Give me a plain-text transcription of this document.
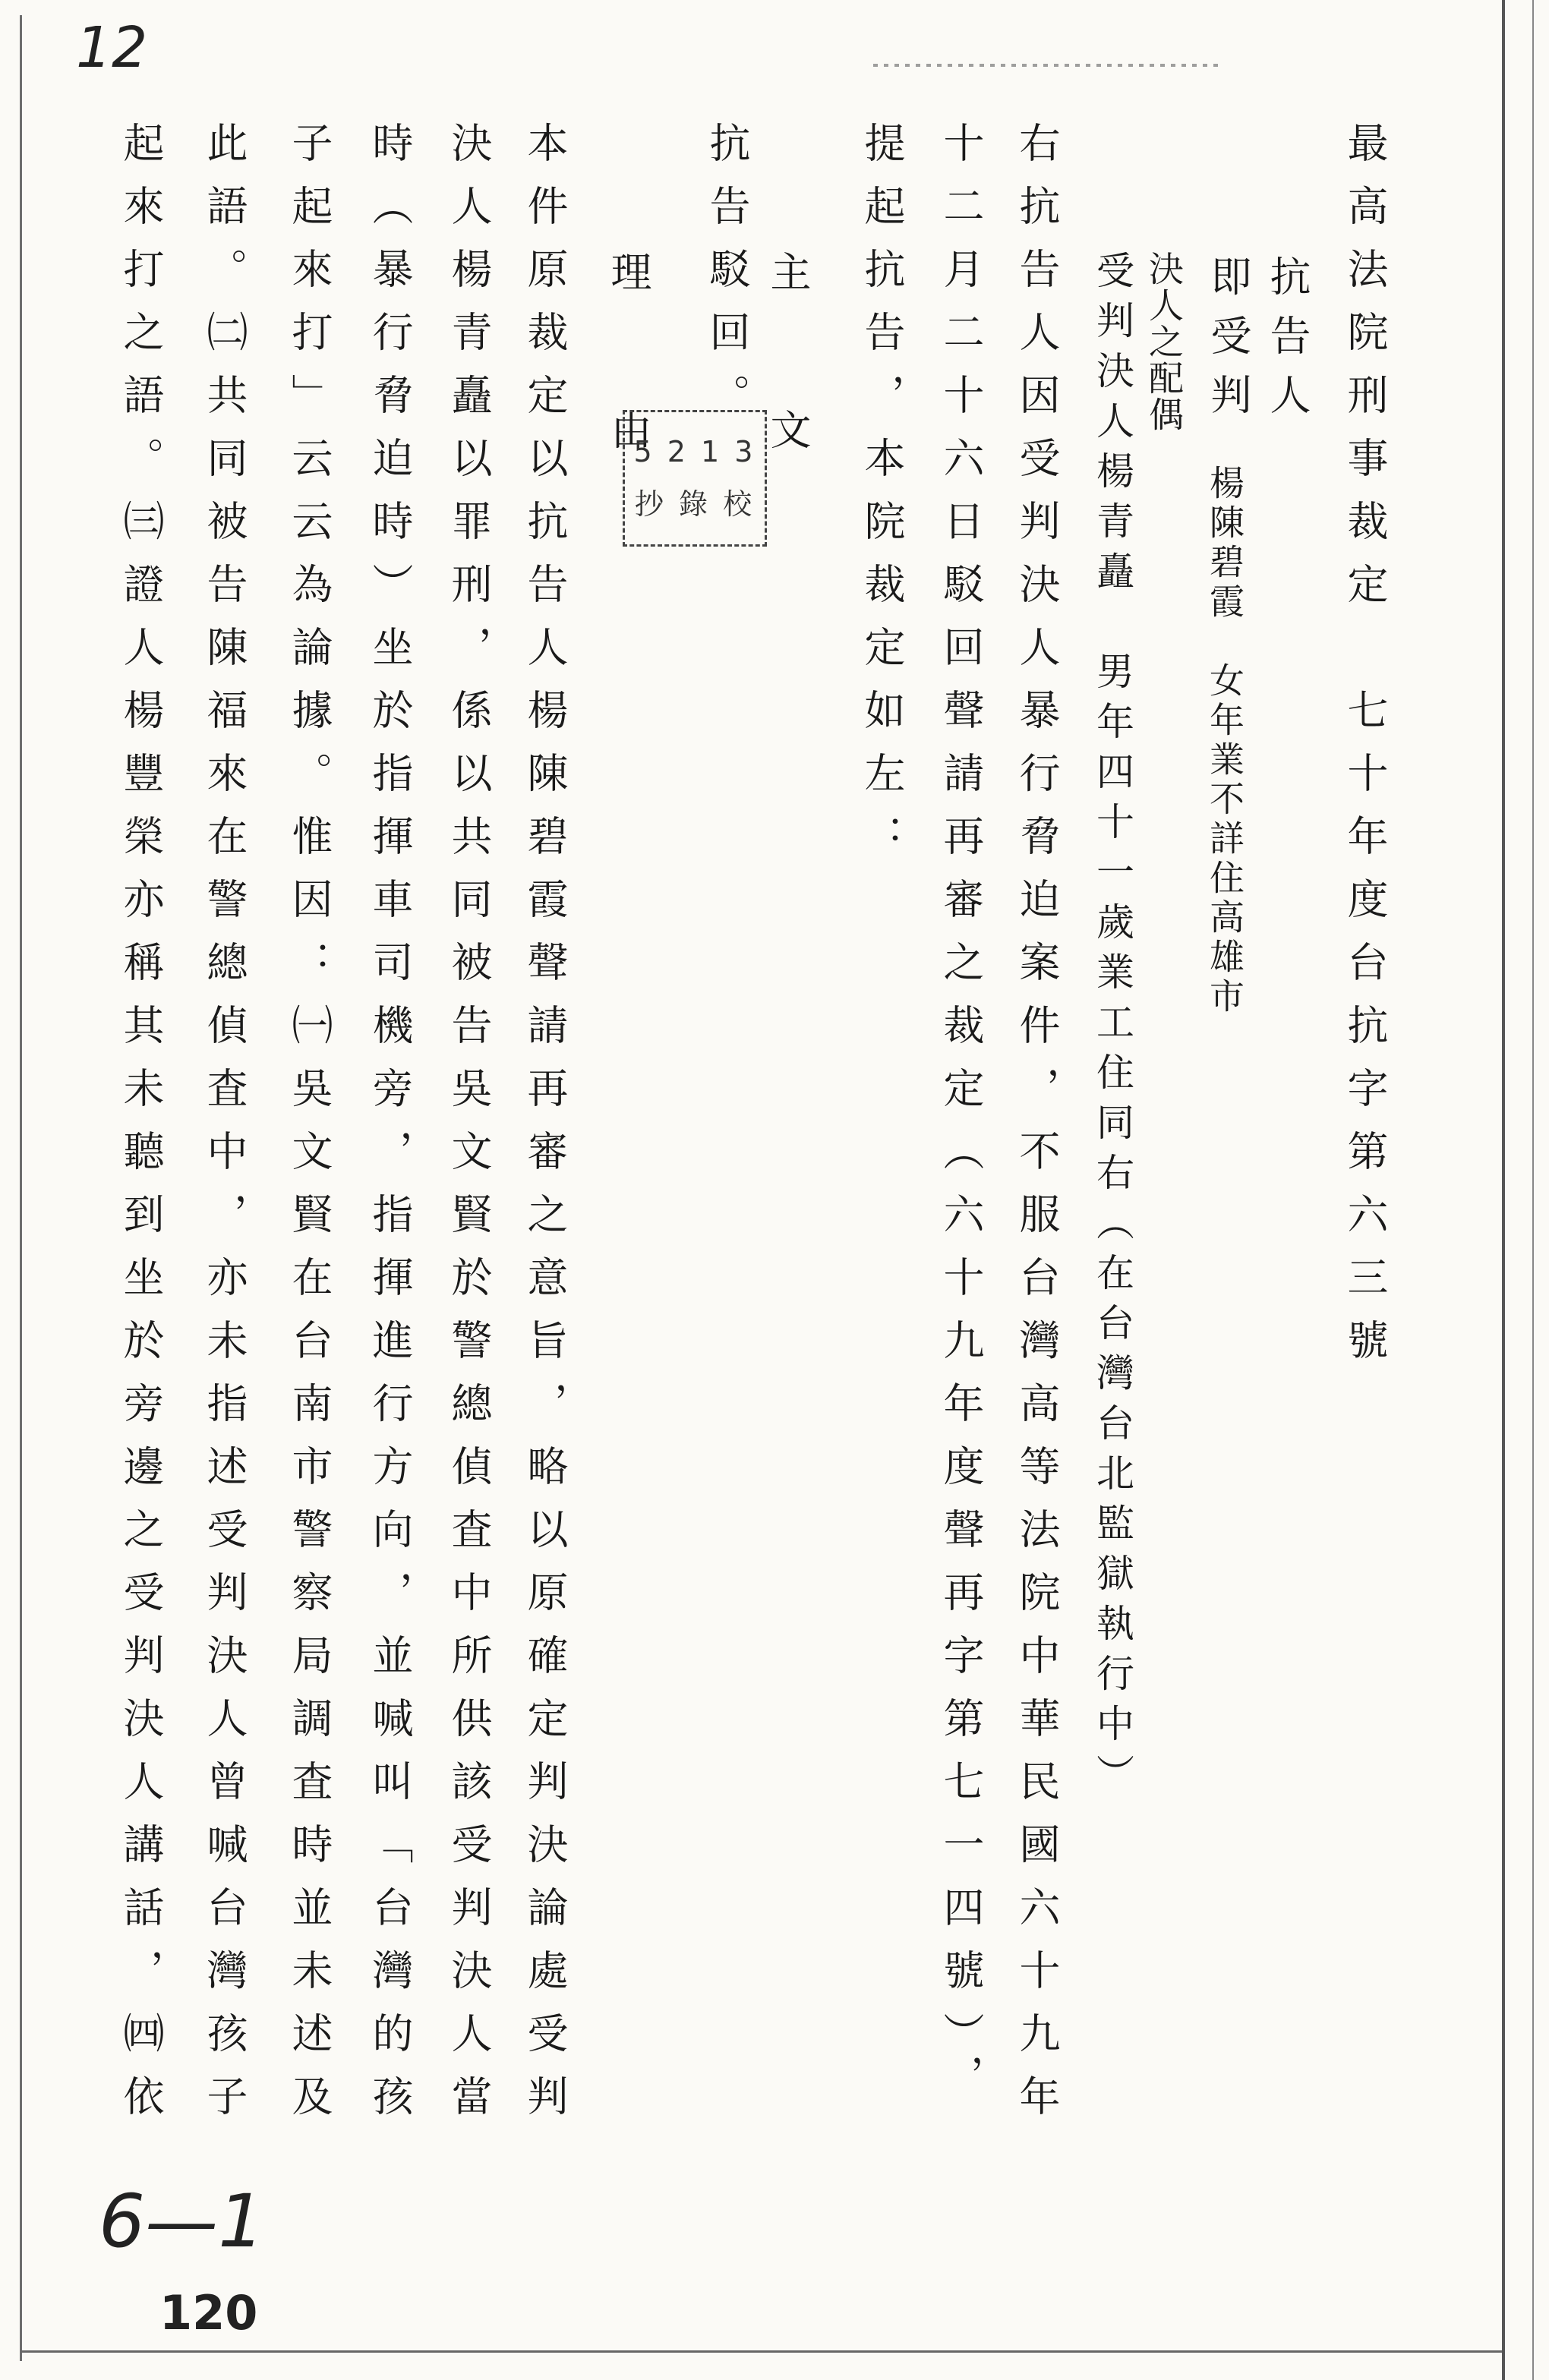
12
最高法院刑事裁定　七十年度台抗字第六三號
抗告人
即受判
楊陳碧霞　女年業不詳住高雄市
決人之配偶
受判決人楊青矗　男年四十一歲業工住同右（在台灣台北監獄執行中）
右抗告人因受判決人暴行脅迫案件，不服台灣高等法院中華民國六十九年
十二月二十六日駁回聲請再審之裁定（六十九年度聲再字第七一四號），
提起抗告，本院裁定如左：
主　文
抗告駁回。
理　由
5 2 1 3
抄 錄 校
本件原裁定以抗告人楊陳碧霞聲請再審之意旨，略以原確定判決論處受判
決人楊青矗以罪刑，係以共同被告吳文賢於警總偵査中所供該受判決人當
時（暴行脅迫時）坐於指揮車司機旁，指揮進行方向，並喊叫「台灣的孩
子起來打」云云為論據。惟因：㈠吳文賢在台南市警察局調査時並未述及
此語。㈡共同被告陳福來在警總偵査中，亦未指述受判決人曾喊台灣孩子
起來打之語。㈢證人楊豐榮亦稱其未聽到坐於旁邊之受判決人講話，㈣依
6—1
120
